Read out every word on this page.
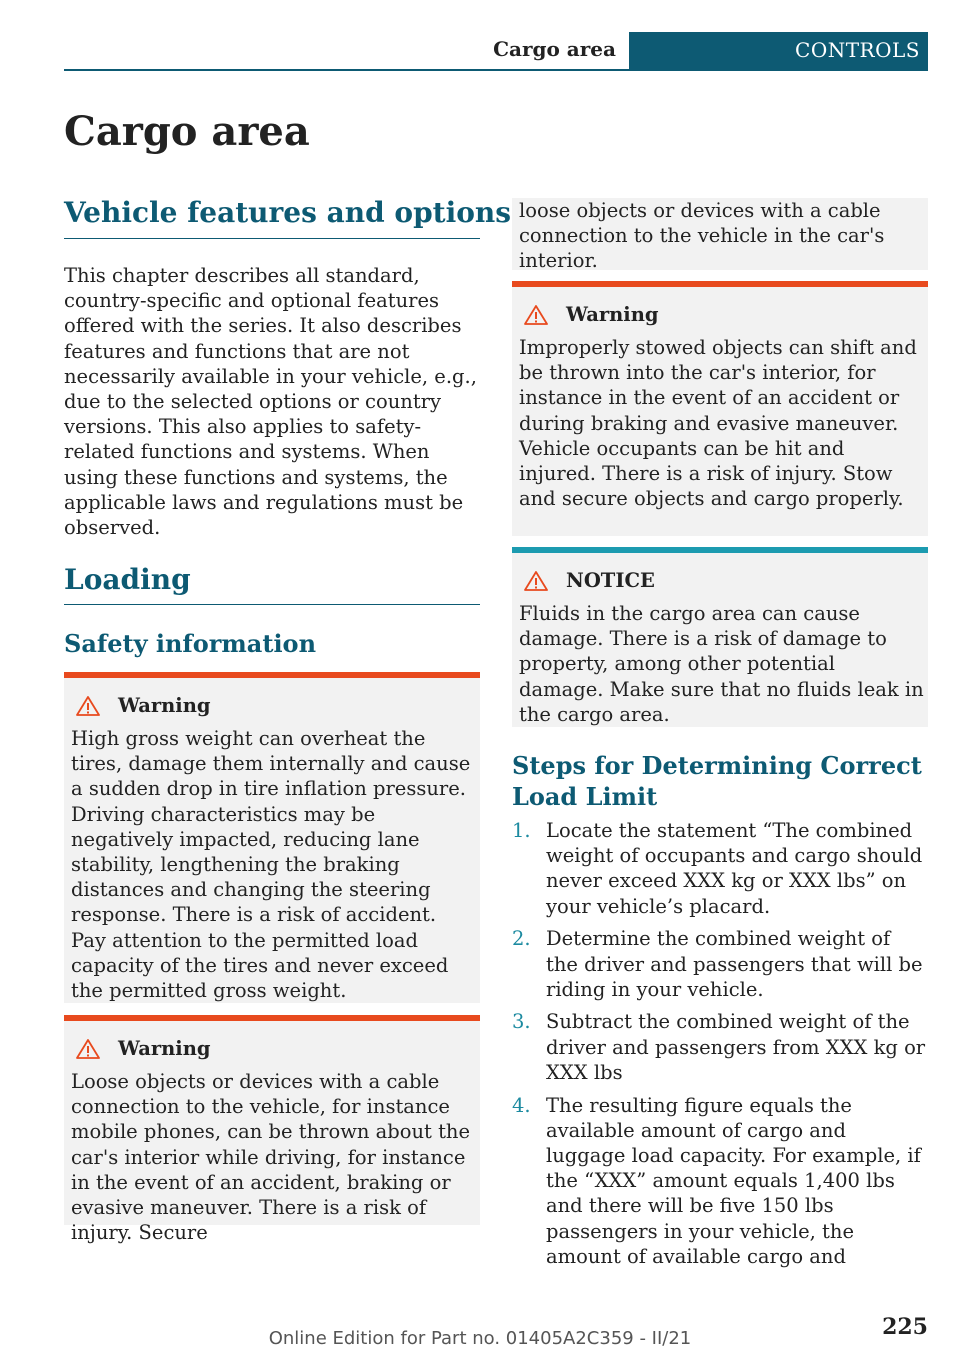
Cargo area	CONTROLS
Cargo area
Vehicle features and options

This chapter describes all standard, country-specific and optional features offered with the series. It also describes features and functions that are not necessarily available in your vehicle, e.g., due to the selected options or country versions. This also applies to safety-related functions and systems. When using these functions and systems, the applicable laws and regulations must be observed.

Loading
Safety information
Warning

High gross weight can overheat the tires, damage them internally and cause a sudden drop in tire inflation pressure. Driving characteristics may be negatively impacted, reducing lane stability, lengthening the braking distances and changing the steering response. There is a risk of accident. Pay attention to the permitted load capacity of the tires and never exceed the permitted gross weight.

Warning

Loose objects or devices with a cable connection to the vehicle, for instance mobile phones, can be thrown about the car's interior while driving, for instance in the event of an accident, braking or evasive maneuver. There is a risk of injury. Secure

loose objects or devices with a cable connection to the vehicle in the car's interior.

Warning

Improperly stowed objects can shift and be thrown into the car's interior, for instance in the event of an accident or during braking and evasive maneuver. Vehicle occupants can be hit and injured. There is a risk of injury. Stow and secure objects and cargo properly.

NOTICE

Fluids in the cargo area can cause damage. There is a risk of damage to property, among other potential damage. Make sure that no fluids leak in the cargo area.

Steps for Determining Correct Load Limit
1. Locate the statement “The combined weight of occupants and cargo should never exceed XXX kg or XXX lbs” on your vehicle’s placard.
2. Determine the combined weight of the driver and passengers that will be riding in your vehicle.
3. Subtract the combined weight of the driver and passengers from XXX kg or XXX lbs
4. The resulting figure equals the available amount of cargo and luggage load capacity. For example, if the “XXX” amount equals 1,400 lbs and there will be five 150 lbs passengers in your vehicle, the amount of available cargo and
225
Online Edition for Part no. 01405A2C359 - II/21
